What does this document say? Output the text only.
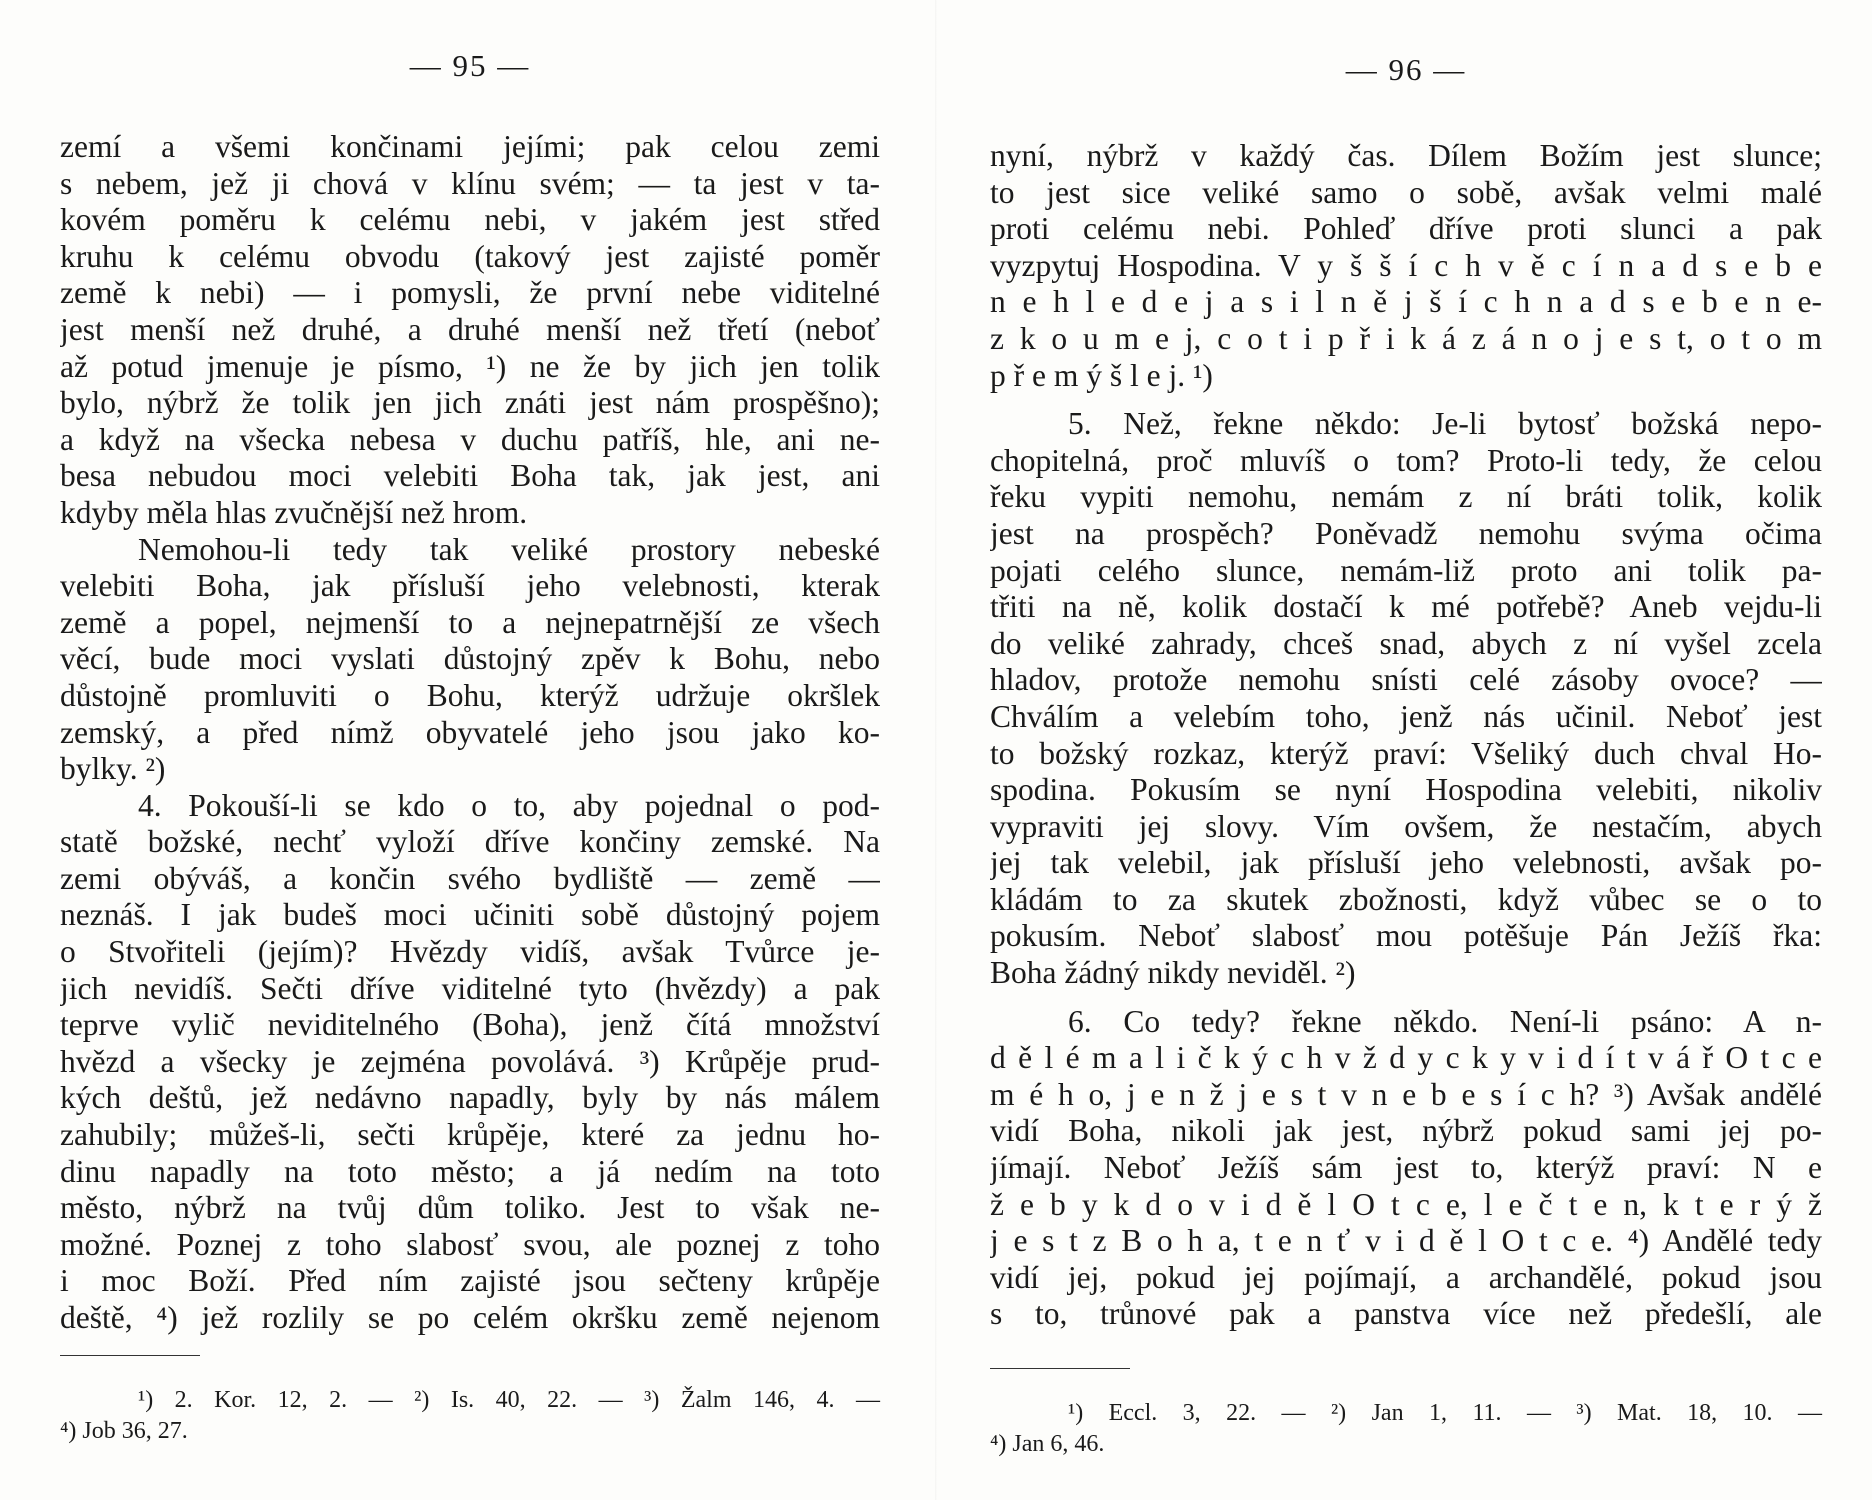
— 95 —
zemí a všemi končinami jejími; pak celou zemi
s nebem, jež ji chová v klínu svém; — ta jest v ta-
kovém poměru k celému nebi, v jakém jest střed
kruhu k celému obvodu (takový jest zajisté poměr
země k nebi) — i pomysli, že první nebe viditelné
jest menší než druhé, a druhé menší než třetí (neboť
až potud jmenuje je písmo, ¹) ne že by jich jen tolik
bylo, nýbrž že tolik jen jich znáti jest nám prospěšno);
a když na všecka nebesa v duchu patříš, hle, ani ne-
besa nebudou moci velebiti Boha tak, jak jest, ani
kdyby měla hlas zvučnější než hrom.
Nemohou-li tedy tak veliké prostory nebeské
velebiti Boha, jak přísluší jeho velebnosti, kterak
země a popel, nejmenší to a nejnepatrnější ze všech
věcí, bude moci vyslati důstojný zpěv k Bohu, nebo
důstojně promluviti o Bohu, kterýž udržuje okršlek
zemský, a před nímž obyvatelé jeho jsou jako ko-
bylky. ²)
4. Pokouší-li se kdo o to, aby pojednal o pod-
statě božské, nechť vyloží dříve končiny zemské. Na
zemi obýváš, a končin svého bydliště — země —
neznáš. I jak budeš moci učiniti sobě důstojný pojem
o Stvořiteli (jejím)? Hvězdy vidíš, avšak Tvůrce je-
jich nevidíš. Sečti dříve viditelné tyto (hvězdy) a pak
teprve vylič neviditelného (Boha), jenž čítá množství
hvězd a všecky je zejména povolává. ³) Krůpěje prud-
kých deštů, jež nedávno napadly, byly by nás málem
zahubily; můžeš-li, sečti krůpěje, které za jednu ho-
dinu napadly na toto město; a já nedím na toto
město, nýbrž na tvůj dům toliko. Jest to však ne-
možné. Poznej z toho slabosť svou, ale poznej z toho
i moc Boží. Před ním zajisté jsou sečteny krůpěje
deště, ⁴) jež rozlily se po celém okršku země nejenom
¹) 2. Kor. 12, 2. — ²) Is. 40, 22. — ³) Žalm 146, 4. —
⁴) Job 36, 27.
— 96 —
nyní, nýbrž v každý čas. Dílem Božím jest slunce;
to jest sice veliké samo o sobě, avšak velmi malé
proti celému nebi. Pohleď dříve proti slunci a pak
vyzpytuj Hospodina. V y š š í c h v ě c í n a d s e b e
n e h l e d e j a s i l n ě j š í c h n a d s e b e n e-
z k o u m e j, c o t i p ř i k á z á n o j e s t, o t o m
p ř e m ý š l e j. ¹)
5. Než, řekne někdo: Je-li bytosť božská nepo-
chopitelná, proč mluvíš o tom? Proto-li tedy, že celou
řeku vypiti nemohu, nemám z ní bráti tolik, kolik
jest na prospěch? Poněvadž nemohu svýma očima
pojati celého slunce, nemám-liž proto ani tolik pa-
třiti na ně, kolik dostačí k mé potřebě? Aneb vejdu-li
do veliké zahrady, chceš snad, abych z ní vyšel zcela
hladov, protože nemohu snísti celé zásoby ovoce? —
Chválím a velebím toho, jenž nás učinil. Neboť jest
to božský rozkaz, kterýž praví: Všeliký duch chval Ho-
spodina. Pokusím se nyní Hospodina velebiti, nikoliv
vypraviti jej slovy. Vím ovšem, že nestačím, abych
jej tak velebil, jak přísluší jeho velebnosti, avšak po-
kládám to za skutek zbožnosti, když vůbec se o to
pokusím. Neboť slabosť mou potěšuje Pán Ježíš řka:
Boha žádný nikdy neviděl. ²)
6. Co tedy? řekne někdo. Není-li psáno: A n-
d ě l é m a l i č k ý c h v ž d y c k y v i d í t v á ř O t c e
m é h o, j e n ž j e s t v n e b e s í c h? ³) Avšak andělé
vidí Boha, nikoli jak jest, nýbrž pokud sami jej po-
jímají. Neboť Ježíš sám jest to, kterýž praví: N e
ž e b y k d o v i d ě l O t c e, l e č t e n, k t e r ý ž
j e s t z B o h a, t e n ť v i d ě l O t c e. ⁴) Andělé tedy
vidí jej, pokud jej pojímají, a archandělé, pokud jsou
s to, trůnové pak a panstva více než předešlí, ale
¹) Eccl. 3, 22. — ²) Jan 1, 11. — ³) Mat. 18, 10. —
⁴) Jan 6, 46.
